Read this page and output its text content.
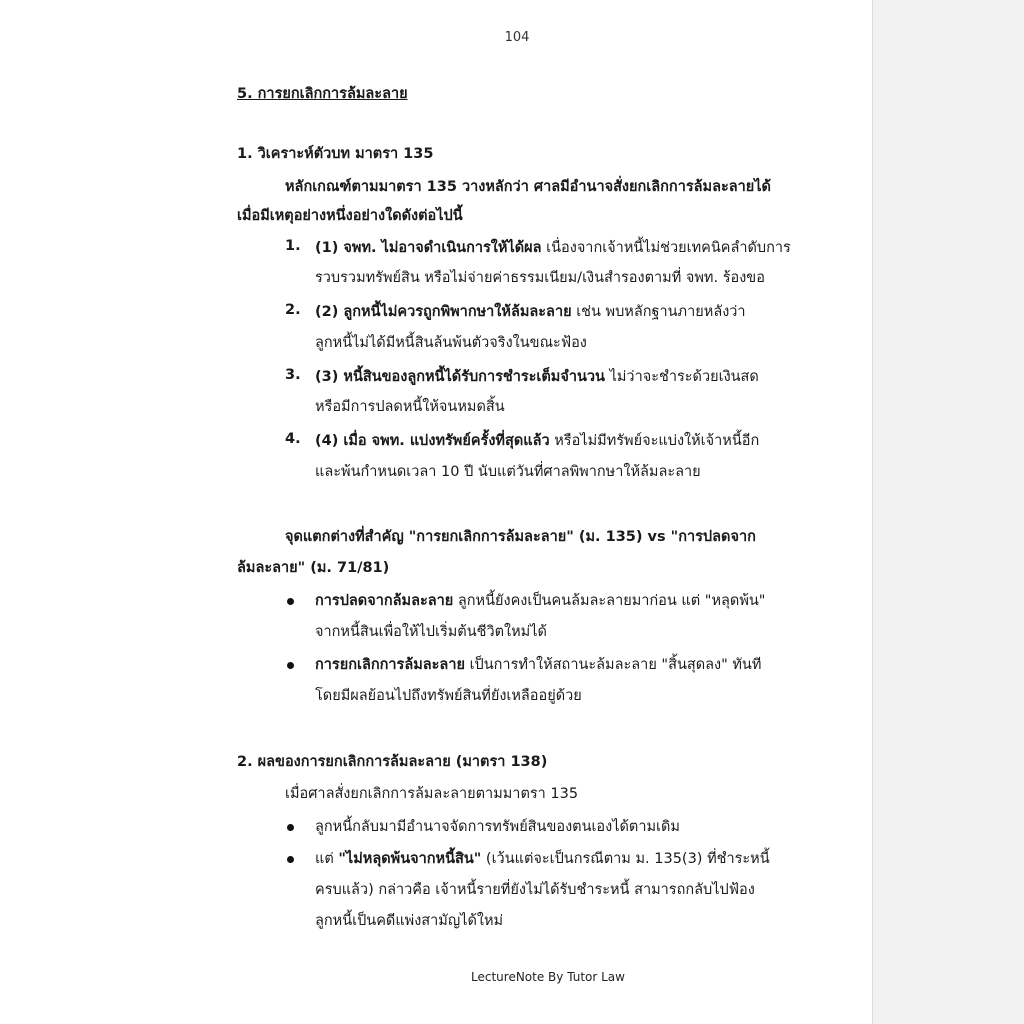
104
5. การยกเลิกการล้มละลาย
1. วิเคราะห์ตัวบท มาตรา 135
หลักเกณฑ์ตามมาตรา 135 วางหลักว่า ศาลมีอำนาจสั่งยกเลิกการล้มละลายได้
เมื่อมีเหตุอย่างหนึ่งอย่างใดดังต่อไปนี้
1. (1) จพท. ไม่อาจดำเนินการให้ได้ผล เนื่องจากเจ้าหนี้ไม่ช่วยเทคนิคลำดับการ
รวบรวมทรัพย์สิน หรือไม่จ่ายค่าธรรมเนียม/เงินสำรองตามที่ จพท. ร้องขอ
2. (2) ลูกหนี้ไม่ควรถูกพิพากษาให้ล้มละลาย เช่น พบหลักฐานภายหลังว่า
ลูกหนี้ไม่ได้มีหนี้สินล้นพ้นตัวจริงในขณะฟ้อง
3. (3) หนี้สินของลูกหนี้ได้รับการชำระเต็มจำนวน ไม่ว่าจะชำระด้วยเงินสด
หรือมีการปลดหนี้ให้จนหมดสิ้น
4. (4) เมื่อ จพท. แบ่งทรัพย์ครั้งที่สุดแล้ว หรือไม่มีทรัพย์จะแบ่งให้เจ้าหนี้อีก
และพ้นกำหนดเวลา 10 ปี นับแต่วันที่ศาลพิพากษาให้ล้มละลาย
จุดแตกต่างที่สำคัญ "การยกเลิกการล้มละลาย" (ม. 135) vs "การปลดจาก
ล้มละลาย" (ม. 71/81)
การปลดจากล้มละลาย ลูกหนี้ยังคงเป็นคนล้มละลายมาก่อน แต่ "หลุดพ้น"
จากหนี้สินเพื่อให้ไปเริ่มต้นชีวิตใหม่ได้
การยกเลิกการล้มละลาย เป็นการทำให้สถานะล้มละลาย "สิ้นสุดลง" ทันที
โดยมีผลย้อนไปถึงทรัพย์สินที่ยังเหลืออยู่ด้วย
2. ผลของการยกเลิกการล้มละลาย (มาตรา 138)
เมื่อศาลสั่งยกเลิกการล้มละลายตามมาตรา 135
ลูกหนี้กลับมามีอำนาจจัดการทรัพย์สินของตนเองได้ตามเดิม
แต่ "ไม่หลุดพ้นจากหนี้สิน" (เว้นแต่จะเป็นกรณีตาม ม. 135(3) ที่ชำระหนี้
ครบแล้ว) กล่าวคือ เจ้าหนี้รายที่ยังไม่ได้รับชำระหนี้ สามารถกลับไปฟ้อง
ลูกหนี้เป็นคดีแพ่งสามัญได้ใหม่
LectureNote By Tutor Law
